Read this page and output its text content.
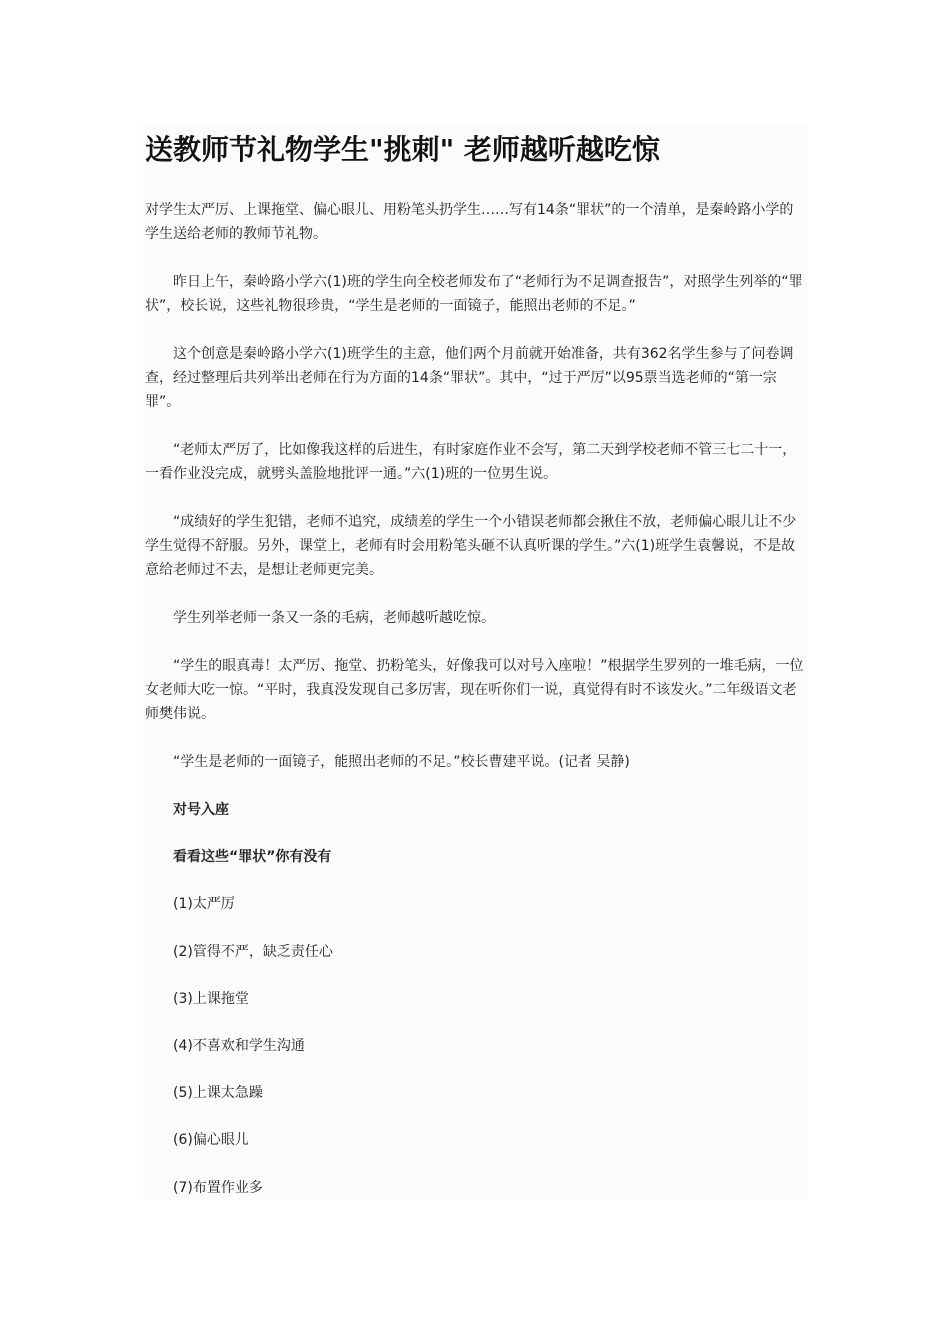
送教师节礼物学生"挑刺" 老师越听越吃惊

对学生太严厉、上课拖堂、偏心眼儿、用粉笔头扔学生……写有14条“罪状”的一个清单，是秦岭路小学的学生送给老师的教师节礼物。

昨日上午，秦岭路小学六(1)班的学生向全校老师发布了“老师行为不足调查报告”，对照学生列举的“罪状”，校长说，这些礼物很珍贵，“学生是老师的一面镜子，能照出老师的不足。”

这个创意是秦岭路小学六(1)班学生的主意，他们两个月前就开始准备，共有362名学生参与了问卷调查，经过整理后共列举出老师在行为方面的14条“罪状”。其中，“过于严厉”以95票当选老师的“第一宗罪”。

“老师太严厉了，比如像我这样的后进生，有时家庭作业不会写，第二天到学校老师不管三七二十一，一看作业没完成，就劈头盖脸地批评一通。”六(1)班的一位男生说。

“成绩好的学生犯错，老师不追究，成绩差的学生一个小错误老师都会揪住不放，老师偏心眼儿让不少学生觉得不舒服。另外，课堂上，老师有时会用粉笔头砸不认真听课的学生。”六(1)班学生袁馨说，不是故意给老师过不去，是想让老师更完美。

学生列举老师一条又一条的毛病，老师越听越吃惊。

“学生的眼真毒！太严厉、拖堂、扔粉笔头，好像我可以对号入座啦！”根据学生罗列的一堆毛病，一位女老师大吃一惊。“平时，我真没发现自己多厉害，现在听你们一说，真觉得有时不该发火。”二年级语文老师樊伟说。

“学生是老师的一面镜子，能照出老师的不足。”校长曹建平说。(记者 吴静)

对号入座

看看这些“罪状”你有没有

(1)太严厉

(2)管得不严，缺乏责任心

(3)上课拖堂

(4)不喜欢和学生沟通

(5)上课太急躁

(6)偏心眼儿

(7)布置作业多
